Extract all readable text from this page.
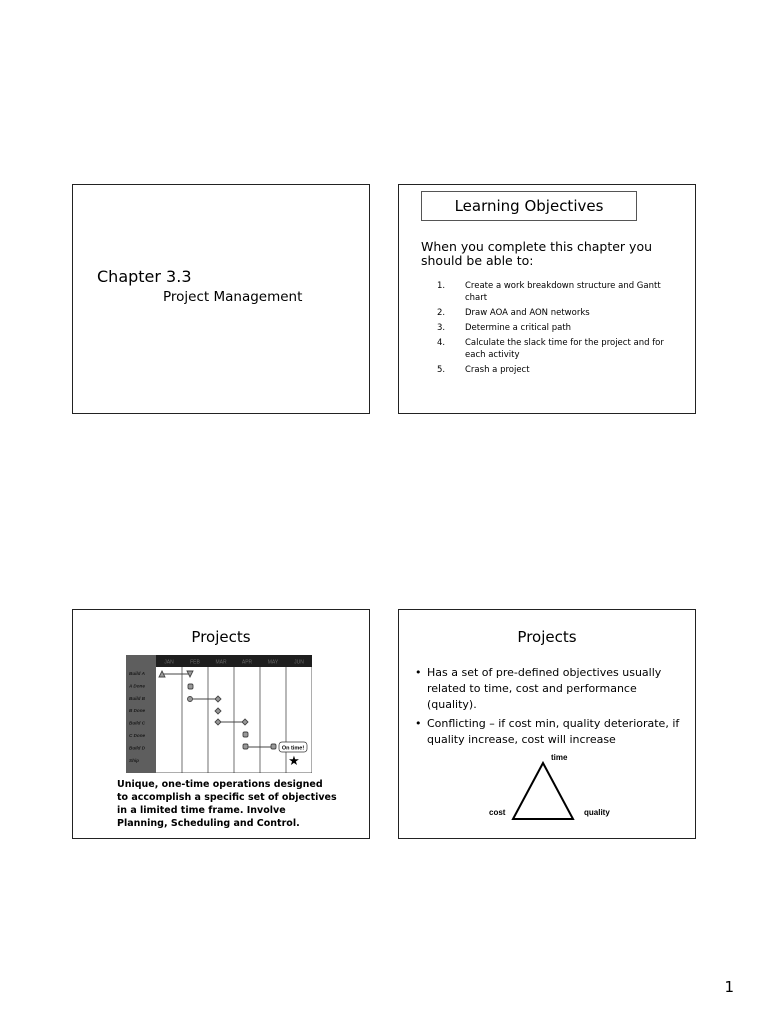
Chapter 3.3
Project Management
Learning Objectives
When you complete this chapter you should be able to:
1. Create a work breakdown structure and Gantt chart
2. Draw AOA and AON networks
3. Determine a critical path
4. Calculate the slack time for the project and for each activity
5. Crash a project
Projects
JAN	FEB	MAR	APR	MAY	JUN
Build A
A Done
Build B
B Done
Build C
C Done
Build D
Ship
On time!
★
Unique, one-time operations designed to accomplish a specific set of objectives in a limited time frame. Involve Planning, Scheduling and Control.
Projects
• Has a set of pre-defined objectives usually related to time, cost and performance (quality).
• Conflicting – if cost min, quality deteriorate, if quality increase, cost will increase
time
cost	quality
1
